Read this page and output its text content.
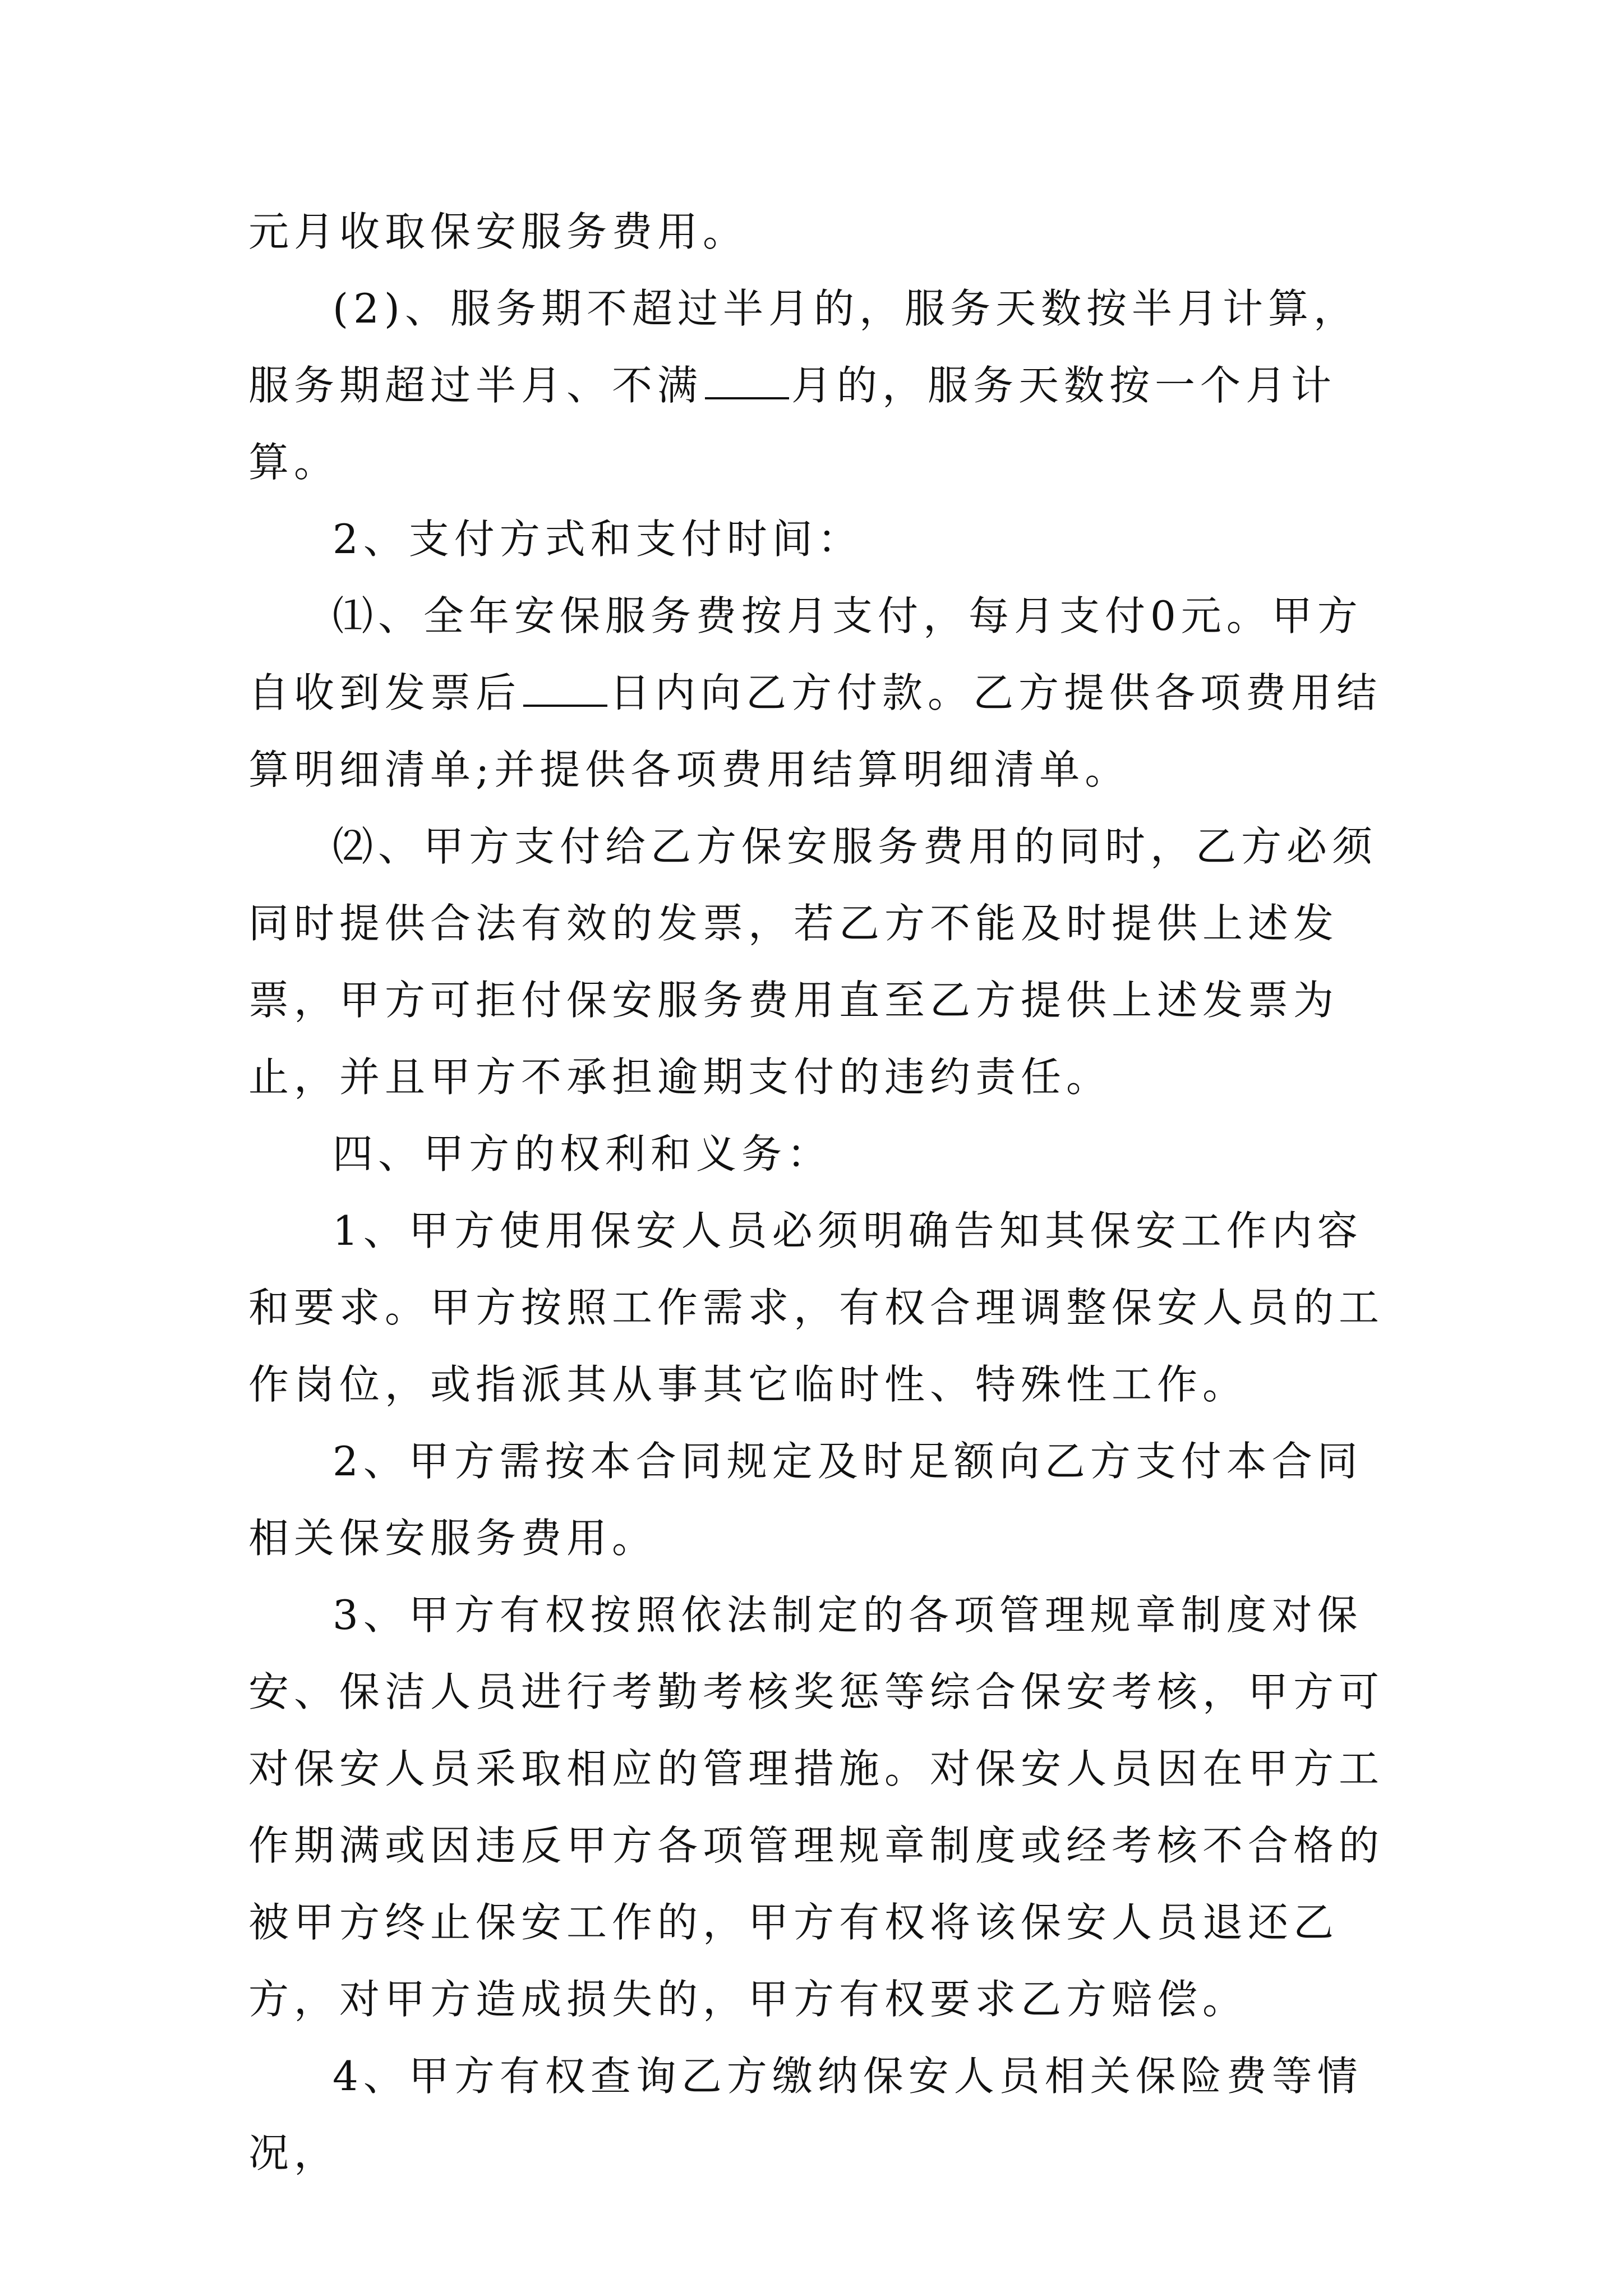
元月收取保安服务费用。

(2)、服务期不超过半月的，服务天数按半月计算，服务期超过半月、不满 月的，服务天数按一个月计算。

2、支付方式和支付时间：

⑴、全年安保服务费按月支付，每月支付0元。甲方自收到发票后 日内向乙方付款。乙方提供各项费用结算明细清单;并提供各项费用结算明细清单。

⑵、甲方支付给乙方保安服务费用的同时，乙方必须同时提供合法有效的发票，若乙方不能及时提供上述发票，甲方可拒付保安服务费用直至乙方提供上述发票为止，并且甲方不承担逾期支付的违约责任。

四、甲方的权利和义务：

1、甲方使用保安人员必须明确告知其保安工作内容和要求。甲方按照工作需求，有权合理调整保安人员的工作岗位，或指派其从事其它临时性、特殊性工作。

2、甲方需按本合同规定及时足额向乙方支付本合同相关保安服务费用。

3、甲方有权按照依法制定的各项管理规章制度对保安、保洁人员进行考勤考核奖惩等综合保安考核，甲方可对保安人员采取相应的管理措施。对保安人员因在甲方工作期满或因违反甲方各项管理规章制度或经考核不合格的被甲方终止保安工作的，甲方有权将该保安人员退还乙方，对甲方造成损失的，甲方有权要求乙方赔偿。

4、甲方有权查询乙方缴纳保安人员相关保险费等情况，
